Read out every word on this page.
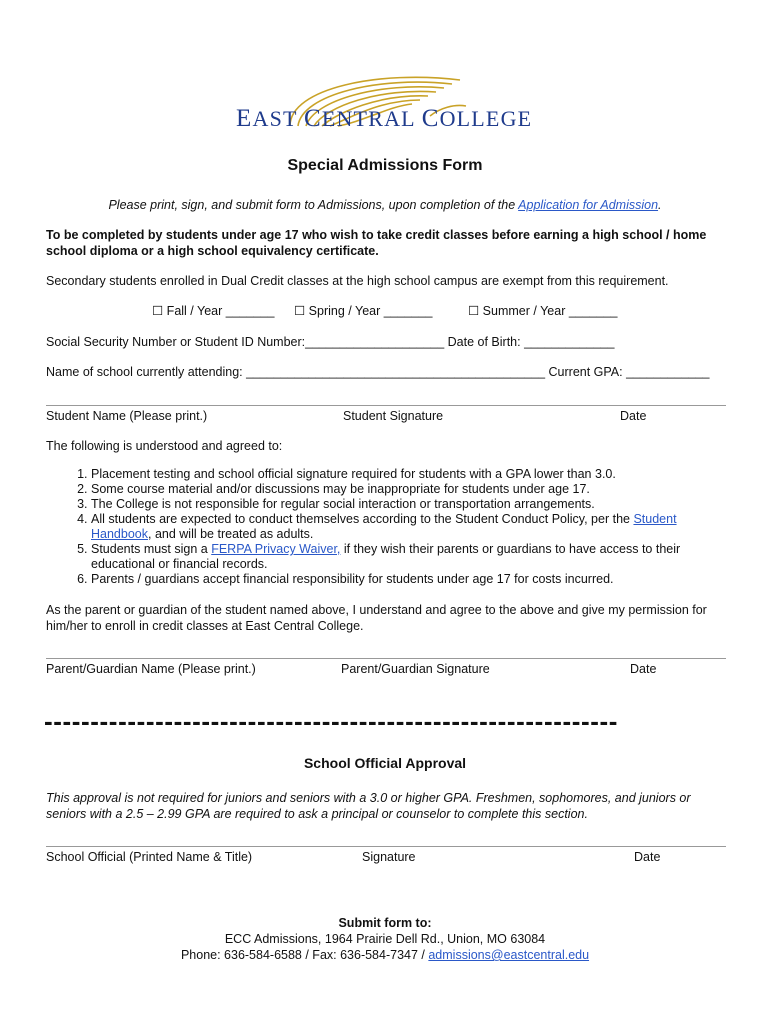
EAST CENTRAL COLLEGE
Special Admissions Form
Please print, sign, and submit form to Admissions, upon completion of the Application for Admission.
To be completed by students under age 17 who wish to take credit classes before earning a high school / home school diploma or a high school equivalency certificate.
Secondary students enrolled in Dual Credit classes at the high school campus are exempt from this requirement.
☐ Fall / Year _______ ☐ Spring / Year _______	☐ Summer / Year _______
Social Security Number or Student ID Number:____________________ Date of Birth: _____________
Name of school currently attending: ___________________________________________ Current GPA: ____________
Student Name (Please print.)	Student Signature	Date
The following is understood and agreed to:
1. Placement testing and school official signature required for students with a GPA lower than 3.0.
2. Some course material and/or discussions may be inappropriate for students under age 17.
3. The College is not responsible for regular social interaction or transportation arrangements.
4. All students are expected to conduct themselves according to the Student Conduct Policy, per the Student Handbook, and will be treated as adults.
5. Students must sign a FERPA Privacy Waiver, if they wish their parents or guardians to have access to their educational or financial records.
6. Parents / guardians accept financial responsibility for students under age 17 for costs incurred.
As the parent or guardian of the student named above, I understand and agree to the above and give my permission for him/her to enroll in credit classes at East Central College.
Parent/Guardian Name (Please print.)	Parent/Guardian Signature	Date
--------------------------------------------------------------
School Official Approval
This approval is not required for juniors and seniors with a 3.0 or higher GPA. Freshmen, sophomores, and juniors or seniors with a 2.5 – 2.99 GPA are required to ask a principal or counselor to complete this section.
School Official (Printed Name & Title)	Signature	Date
Submit form to:
ECC Admissions, 1964 Prairie Dell Rd., Union, MO 63084
Phone: 636-584-6588 / Fax: 636-584-7347 / admissions@eastcentral.edu
